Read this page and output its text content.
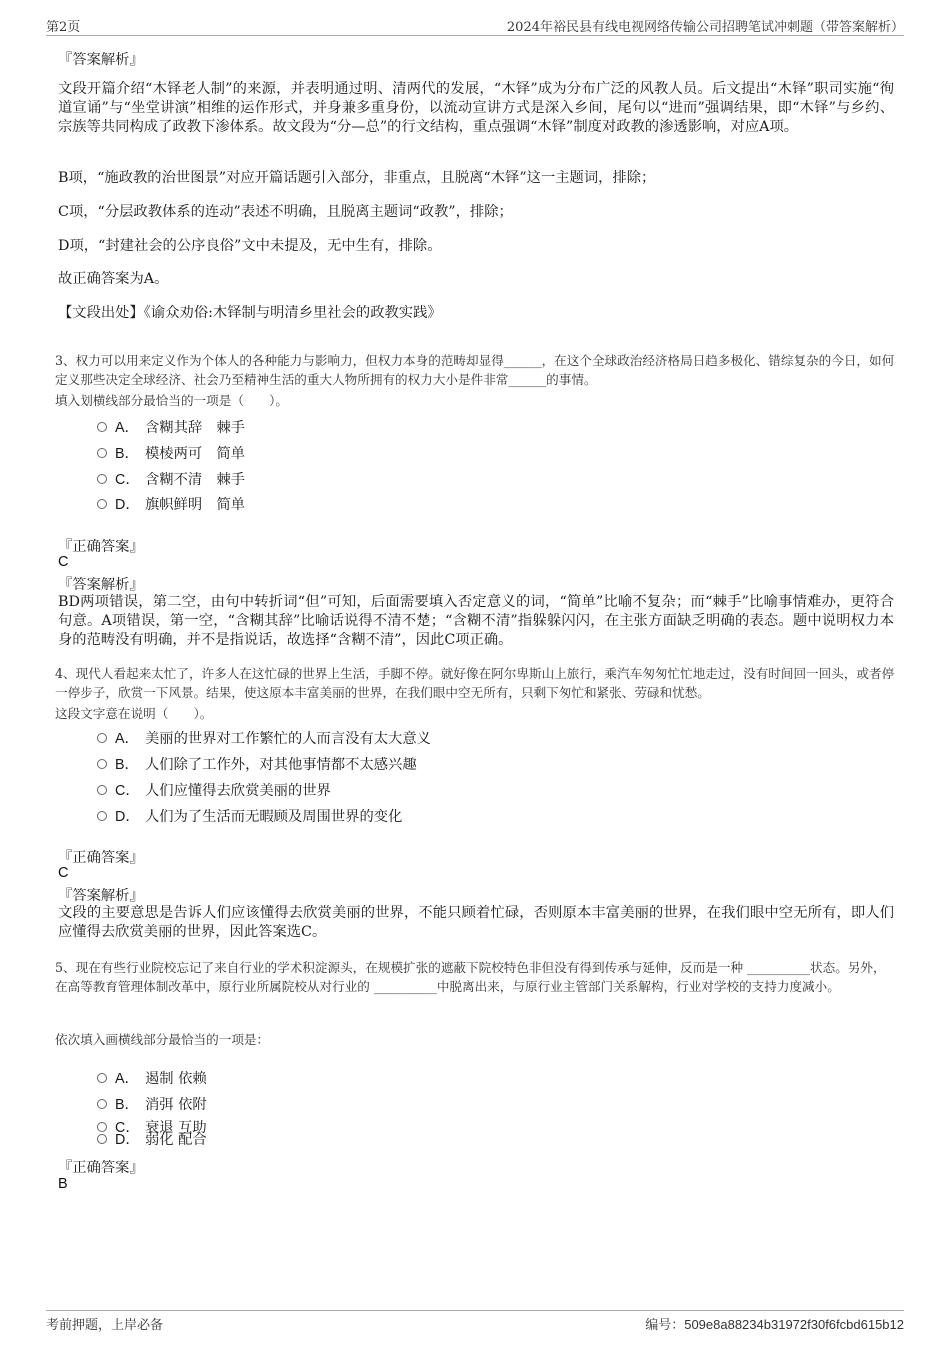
第2页	2024年裕民县有线电视网络传输公司招聘笔试冲刺题（带答案解析）
『答案解析』
文段开篇介绍“木铎老人制”的来源，并表明通过明、清两代的发展，“木铎”成为分布广泛的风教人员。后文提出“木铎”职司实施“徇道宣诵”与“坐堂讲演”相维的运作形式，并身兼多重身份，以流动宣讲方式是深入乡间，尾句以“进而”强调结果，即“木铎”与乡约、宗族等共同构成了政教下渗体系。故文段为“分—总”的行文结构，重点强调“木铎”制度对政教的渗透影响，对应A项。
B项，“施政教的治世图景”对应开篇话题引入部分，非重点，且脱离“木铎”这一主题词，排除；
C项，“分层政教体系的连动”表述不明确，且脱离主题词“政教”，排除；
D项，“封建社会的公序良俗”文中未提及，无中生有，排除。
故正确答案为A。
【文段出处】《谕众劝俗:木铎制与明清乡里社会的政教实践》
3、权力可以用来定义作为个体人的各种能力与影响力，但权力本身的范畴却显得______，在这个全球政治经济格局日趋多极化、错综复杂的今日，如何定义那些决定全球经济、社会乃至精神生活的重大人物所拥有的权力大小是件非常______的事情。
填入划横线部分最恰当的一项是（　　）。
A． 含糊其辞　棘手
B． 模棱两可　简单
C． 含糊不清　棘手
D． 旗帜鲜明　简单
『正确答案』
C
『答案解析』
BD两项错误，第二空，由句中转折词“但”可知，后面需要填入否定意义的词，“简单”比喻不复杂；而“棘手”比喻事情难办，更符合句意。A项错误，第一空，“含糊其辞”比喻话说得不清不楚；“含糊不清”指躲躲闪闪，在主张方面缺乏明确的表态。题中说明权力本身的范畴没有明确，并不是指说话，故选择“含糊不清”，因此C项正确。
4、现代人看起来太忙了，许多人在这忙碌的世界上生活，手脚不停。就好像在阿尔卑斯山上旅行，乘汽车匆匆忙忙地走过，没有时间回一回头，或者停一停步子，欣赏一下风景。结果，使这原本丰富美丽的世界，在我们眼中空无所有，只剩下匆忙和紧张、劳碌和忧愁。
这段文字意在说明（　　）。
A． 美丽的世界对工作繁忙的人而言没有太大意义
B． 人们除了工作外，对其他事情都不太感兴趣
C． 人们应懂得去欣赏美丽的世界
D． 人们为了生活而无暇顾及周围世界的变化
『正确答案』
C
『答案解析』
文段的主要意思是告诉人们应该懂得去欣赏美丽的世界，不能只顾着忙碌，否则原本丰富美丽的世界，在我们眼中空无所有，即人们应懂得去欣赏美丽的世界，因此答案选C。
5、现在有些行业院校忘记了来自行业的学术积淀源头，在规模扩张的遮蔽下院校特色非但没有得到传承与延伸，反而是一种 __________状态。另外，在高等教育管理体制改革中，原行业所属院校从对行业的 __________中脱离出来，与原行业主管部门关系解构，行业对学校的支持力度减小。
依次填入画横线部分最恰当的一项是：
A． 遏制 依赖
B． 消弭 依附
C． 衰退 互助
D． 弱化 配合
『正确答案』
B
考前押题，上岸必备	编号：509e8a88234b31972f30f6fcbd615b12
